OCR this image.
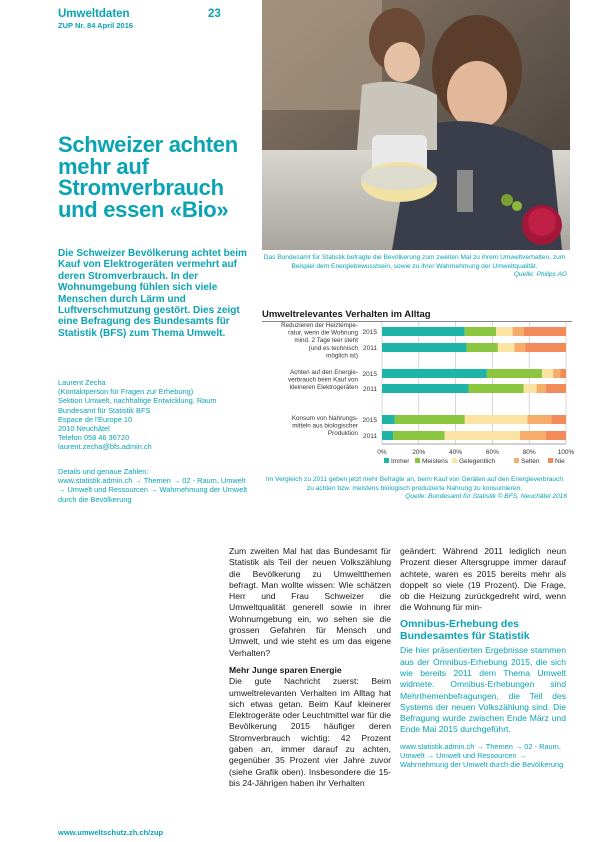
Umweltdaten
ZUP Nr. 84 April 2016
23
Das Bundesamt für Statistik befragte die Bevölkerung zum zweiten Mal zu ihrem Umweltverhalten, zum Beispiel dem Energiebewusstsein, sowie zu ihrer Wahrnehmung der Umweltqualität.
Quelle: Philips AG
Schweizer achten mehr auf Stromverbrauch und essen «Bio»
Die Schweizer Bevölkerung achtet beim Kauf von Elektrogeräten vermehrt auf deren Stromverbrauch. In der Wohnumgebung fühlen sich viele Menschen durch Lärm und Luftverschmutzung gestört. Dies zeigt eine Befragung des Bundesamts für Statistik (BFS) zum Thema Umwelt.
Laurent Zecha
(Kontaktperson für Fragen zur Erhebung)
Sektion Umwelt, nachhaltige Entwicklung, Raum
Bundesamt für Statistik BFS
Espace de l'Europe 10
2010 Neuchâtel
Telefon 058 46 36720
laurent.zecha@bfs.admin.ch
Details und genaue Zahlen:
www.statistik.admin.ch → Themen → 02 - Raum, Umwelt → Umwelt und Ressourcen → Wahrnehmung der Umwelt durch die Bevölkerung
Umweltrelevantes Verhalten im Alltag
0%	20%	40%	60%	80%	100%
2015
2011
2015
2011
2015
2011
Reduzieren der Heiztempe-
ratur, wenn die Wohnung
mind. 2 Tage leer steht
(und es technisch
möglich ist)
Achten auf den Energie-
verbrauch beim Kauf von
kleineren Elektrogeräten
Konsum von Nahrungs-
mitteln aus biologischer
Produktion
Immer Meistens Gelegentlich	Selten Nie
Im Vergleich zu 2011 geben jetzt mehr Befragte an, beim Kauf von Geräten auf den Energieverbrauch zu achten bzw. meistens biologisch produzierte Nahrung zu konsumieren.
Quelle: Bundesamt für Statistik © BFS, Neuchâtel 2016

Zum zweiten Mal hat das Bundesamt für Statistik als Teil der neuen Volkszählung die Bevölkerung zu Umweltthemen befragt. Man wollte wissen: Wie schätzen Herr und Frau Schweizer die Umweltqualität generell sowie in ihrer Wohnumgebung ein, wo sehen sie die grossen Gefahren für Mensch und Umwelt, und wie steht es um das eigene Verhalten?

Mehr Junge sparen Energie

Die gute Nachricht zuerst: Beim umweltrelevanten Verhalten im Alltag hat sich etwas getan. Beim Kauf kleinerer Elektrogeräte oder Leuchtmittel war für die Bevölkerung 2015 häufiger deren Stromverbrauch wichtig: 42 Prozent gaben an, immer darauf zu achten, gegenüber 35 Prozent vier Jahre zuvor (siehe Grafik oben). Insbesondere die 15- bis 24-Jährigen haben ihr Verhalten

geändert: Während 2011 lediglich neun Prozent dieser Altersgruppe immer darauf achtete, waren es 2015 bereits mehr als doppelt so viele (19 Prozent). Die Frage, ob die Heizung zurückgedreht wird, wenn die Wohnung für min-

Omnibus-Erhebung des Bundesamtes für Statistik

Die hier präsentierten Ergebnisse stammen aus der Omnibus-Erhebung 2015, die sich wie bereits 2011 dem Thema Umwelt widmete. Omnibus-Erhebungen sind Mehrthemenbefragungen, die Teil des Systems der neuen Volkszählung sind. Die Befragung wurde zwischen Ende März und Ende Mai 2015 durchgeführt.

www.statistik.admin.ch → Themen → 02 - Raum, Umwelt → Umwelt und Ressourcen → Wahrnehmung der Umwelt durch die Bevölkerung
www.umweltschutz.zh.ch/zup
